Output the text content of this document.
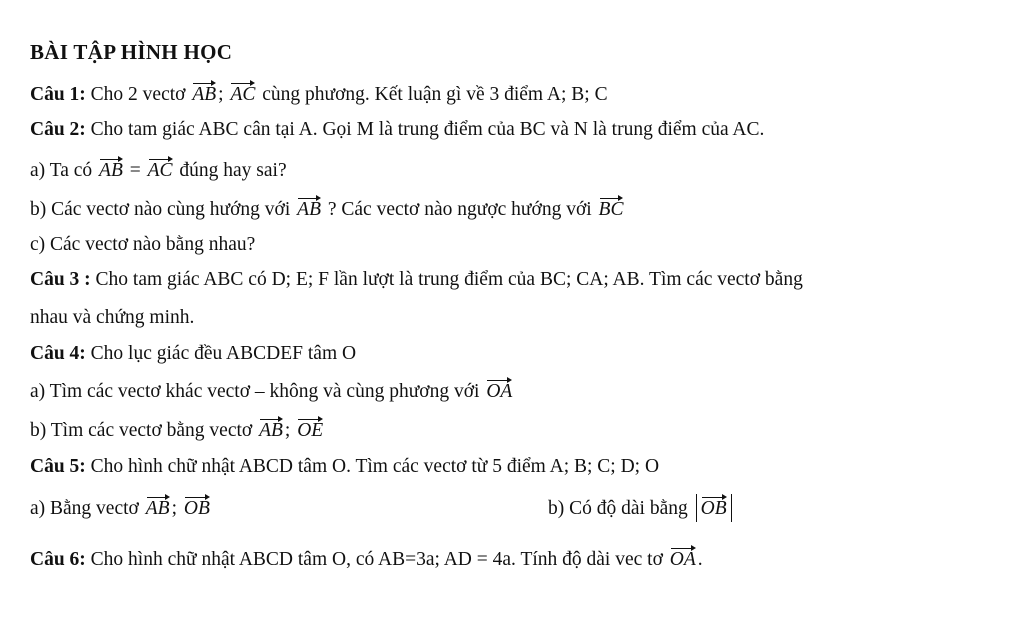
BÀI TẬP HÌNH HỌC
Câu 1: Cho 2 vectơ AB ; AC cùng phương. Kết luận gì về 3 điểm A; B; C
Câu 2: Cho tam giác ABC cân tại A. Gọi M là trung điểm của BC và N là trung điểm của AC.
a) Ta có AB = AC đúng hay sai?
b) Các vectơ nào cùng hướng với AB ? Các vectơ nào ngược hướng với BC
c) Các vectơ nào bằng nhau?
Câu 3 : Cho tam giác ABC có D; E; F lần lượt là trung điểm của BC; CA; AB. Tìm các vectơ bằng
nhau và chứng minh.
Câu 4: Cho lục giác đều ABCDEF tâm O
a) Tìm các vectơ khác vectơ – không và cùng phương với OA
b) Tìm các vectơ bằng vectơ AB ; OE
Câu 5: Cho hình chữ nhật ABCD tâm O. Tìm các vectơ từ 5 điểm A; B; C; D; O
a) Bằng vectơ AB ; OB	b) Có độ dài bằng OB
Câu 6: Cho hình chữ nhật ABCD tâm O, có AB=3a; AD = 4a. Tính độ dài vec tơ OA .
